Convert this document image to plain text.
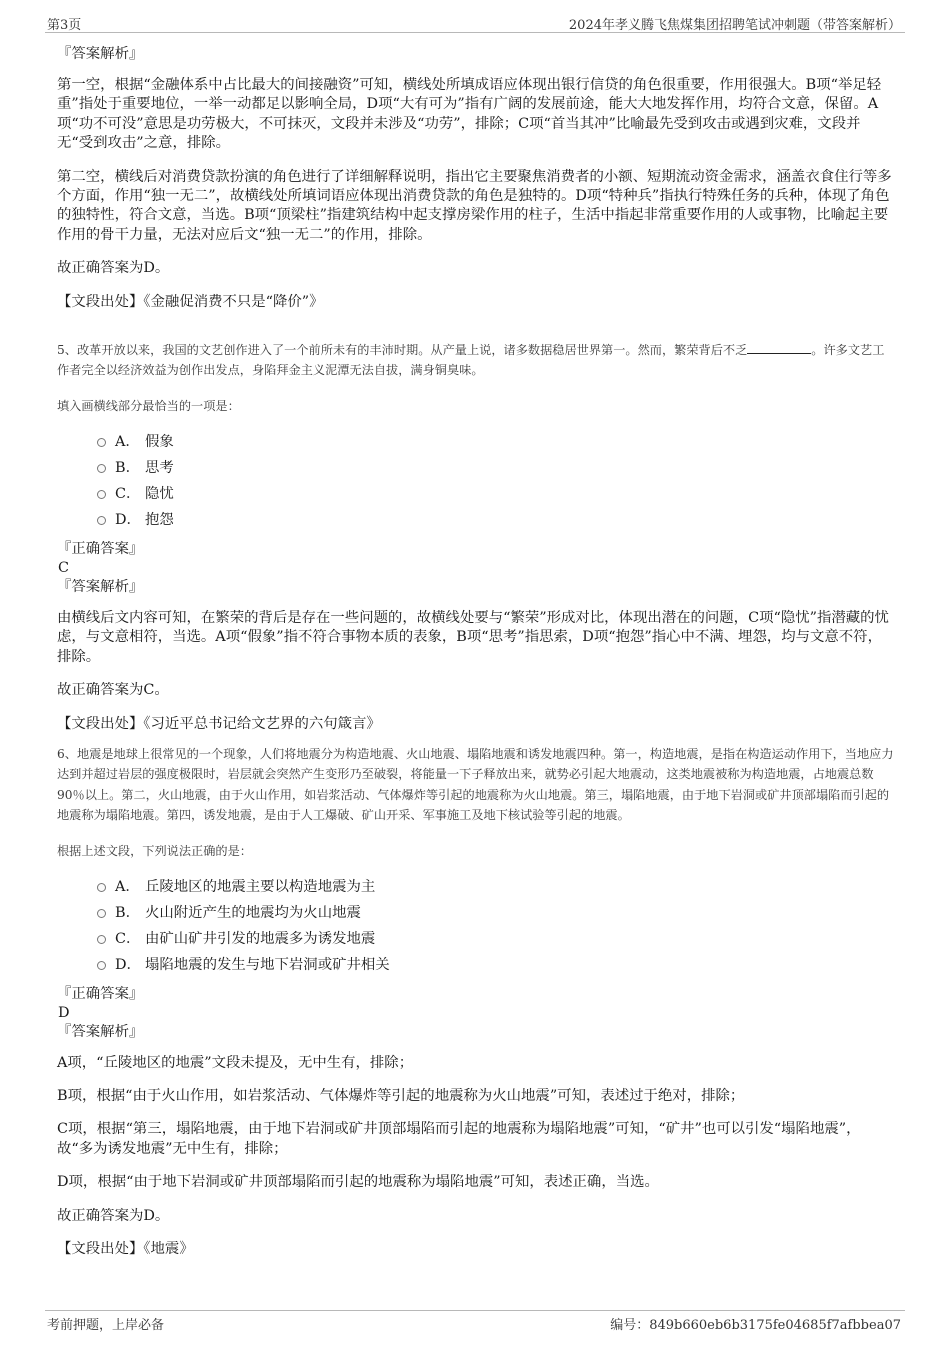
第3页	2024年孝义腾飞焦煤集团招聘笔试冲刺题（带答案解析）

『答案解析』

第一空，根据“金融体系中占比最大的间接融资”可知，横线处所填成语应体现出银行信贷的角色很重要，作用很强大。B项“举足轻重”指处于重要地位，一举一动都足以影响全局，D项“大有可为”指有广阔的发展前途，能大大地发挥作用，均符合文意，保留。A项“功不可没”意思是功劳极大，不可抹灭，文段并未涉及“功劳”，排除；C项“首当其冲”比喻最先受到攻击或遇到灾难，文段并无“受到攻击”之意，排除。

第二空，横线后对消费贷款扮演的角色进行了详细解释说明，指出它主要聚焦消费者的小额、短期流动资金需求，涵盖衣食住行等多个方面，作用“独一无二”，故横线处所填词语应体现出消费贷款的角色是独特的。D项“特种兵”指执行特殊任务的兵种，体现了角色的独特性，符合文意，当选。B项“顶梁柱”指建筑结构中起支撑房梁作用的柱子，生活中指起非常重要作用的人或事物，比喻起主要作用的骨干力量，无法对应后文“独一无二”的作用，排除。

故正确答案为D。

【文段出处】《金融促消费不只是“降价”》

5、改革开放以来，我国的文艺创作进入了一个前所未有的丰沛时期。从产量上说，诸多数据稳居世界第一。然而，繁荣背后不乏	。许多文艺工作者完全以经济效益为创作出发点，身陷拜金主义泥潭无法自拔，满身铜臭味。

填入画横线部分最恰当的一项是：

A． 假象
B． 思考
C． 隐忧
D． 抱怨

『正确答案』

C

『答案解析』

由横线后文内容可知，在繁荣的背后是存在一些问题的，故横线处要与“繁荣”形成对比，体现出潜在的问题，C项“隐忧”指潜藏的忧虑，与文意相符，当选。A项“假象”指不符合事物本质的表象，B项“思考”指思索，D项“抱怨”指心中不满、埋怨，均与文意不符，排除。

故正确答案为C。

【文段出处】《习近平总书记给文艺界的六句箴言》

6、地震是地球上很常见的一个现象，人们将地震分为构造地震、火山地震、塌陷地震和诱发地震四种。第一，构造地震，是指在构造运动作用下，当地应力达到并超过岩层的强度极限时，岩层就会突然产生变形乃至破裂，将能量一下子释放出来，就势必引起大地震动，这类地震被称为构造地震，占地震总数90％以上。第二，火山地震，由于火山作用，如岩浆活动、气体爆炸等引起的地震称为火山地震。第三，塌陷地震，由于地下岩洞或矿井顶部塌陷而引起的地震称为塌陷地震。第四，诱发地震，是由于人工爆破、矿山开采、军事施工及地下核试验等引起的地震。

根据上述文段，下列说法正确的是：

A． 丘陵地区的地震主要以构造地震为主
B． 火山附近产生的地震均为火山地震
C． 由矿山矿井引发的地震多为诱发地震
D． 塌陷地震的发生与地下岩洞或矿井相关

『正确答案』

D

『答案解析』

A项，“丘陵地区的地震”文段未提及，无中生有，排除；

B项，根据“由于火山作用，如岩浆活动、气体爆炸等引起的地震称为火山地震”可知，表述过于绝对，排除；

C项，根据“第三，塌陷地震，由于地下岩洞或矿井顶部塌陷而引起的地震称为塌陷地震”可知，“矿井”也可以引发“塌陷地震”，故“多为诱发地震”无中生有，排除；

D项，根据“由于地下岩洞或矿井顶部塌陷而引起的地震称为塌陷地震”可知，表述正确，当选。

故正确答案为D。

【文段出处】《地震》

考前押题，上岸必备	编号：849b660eb6b3175fe04685f7afbbea07
